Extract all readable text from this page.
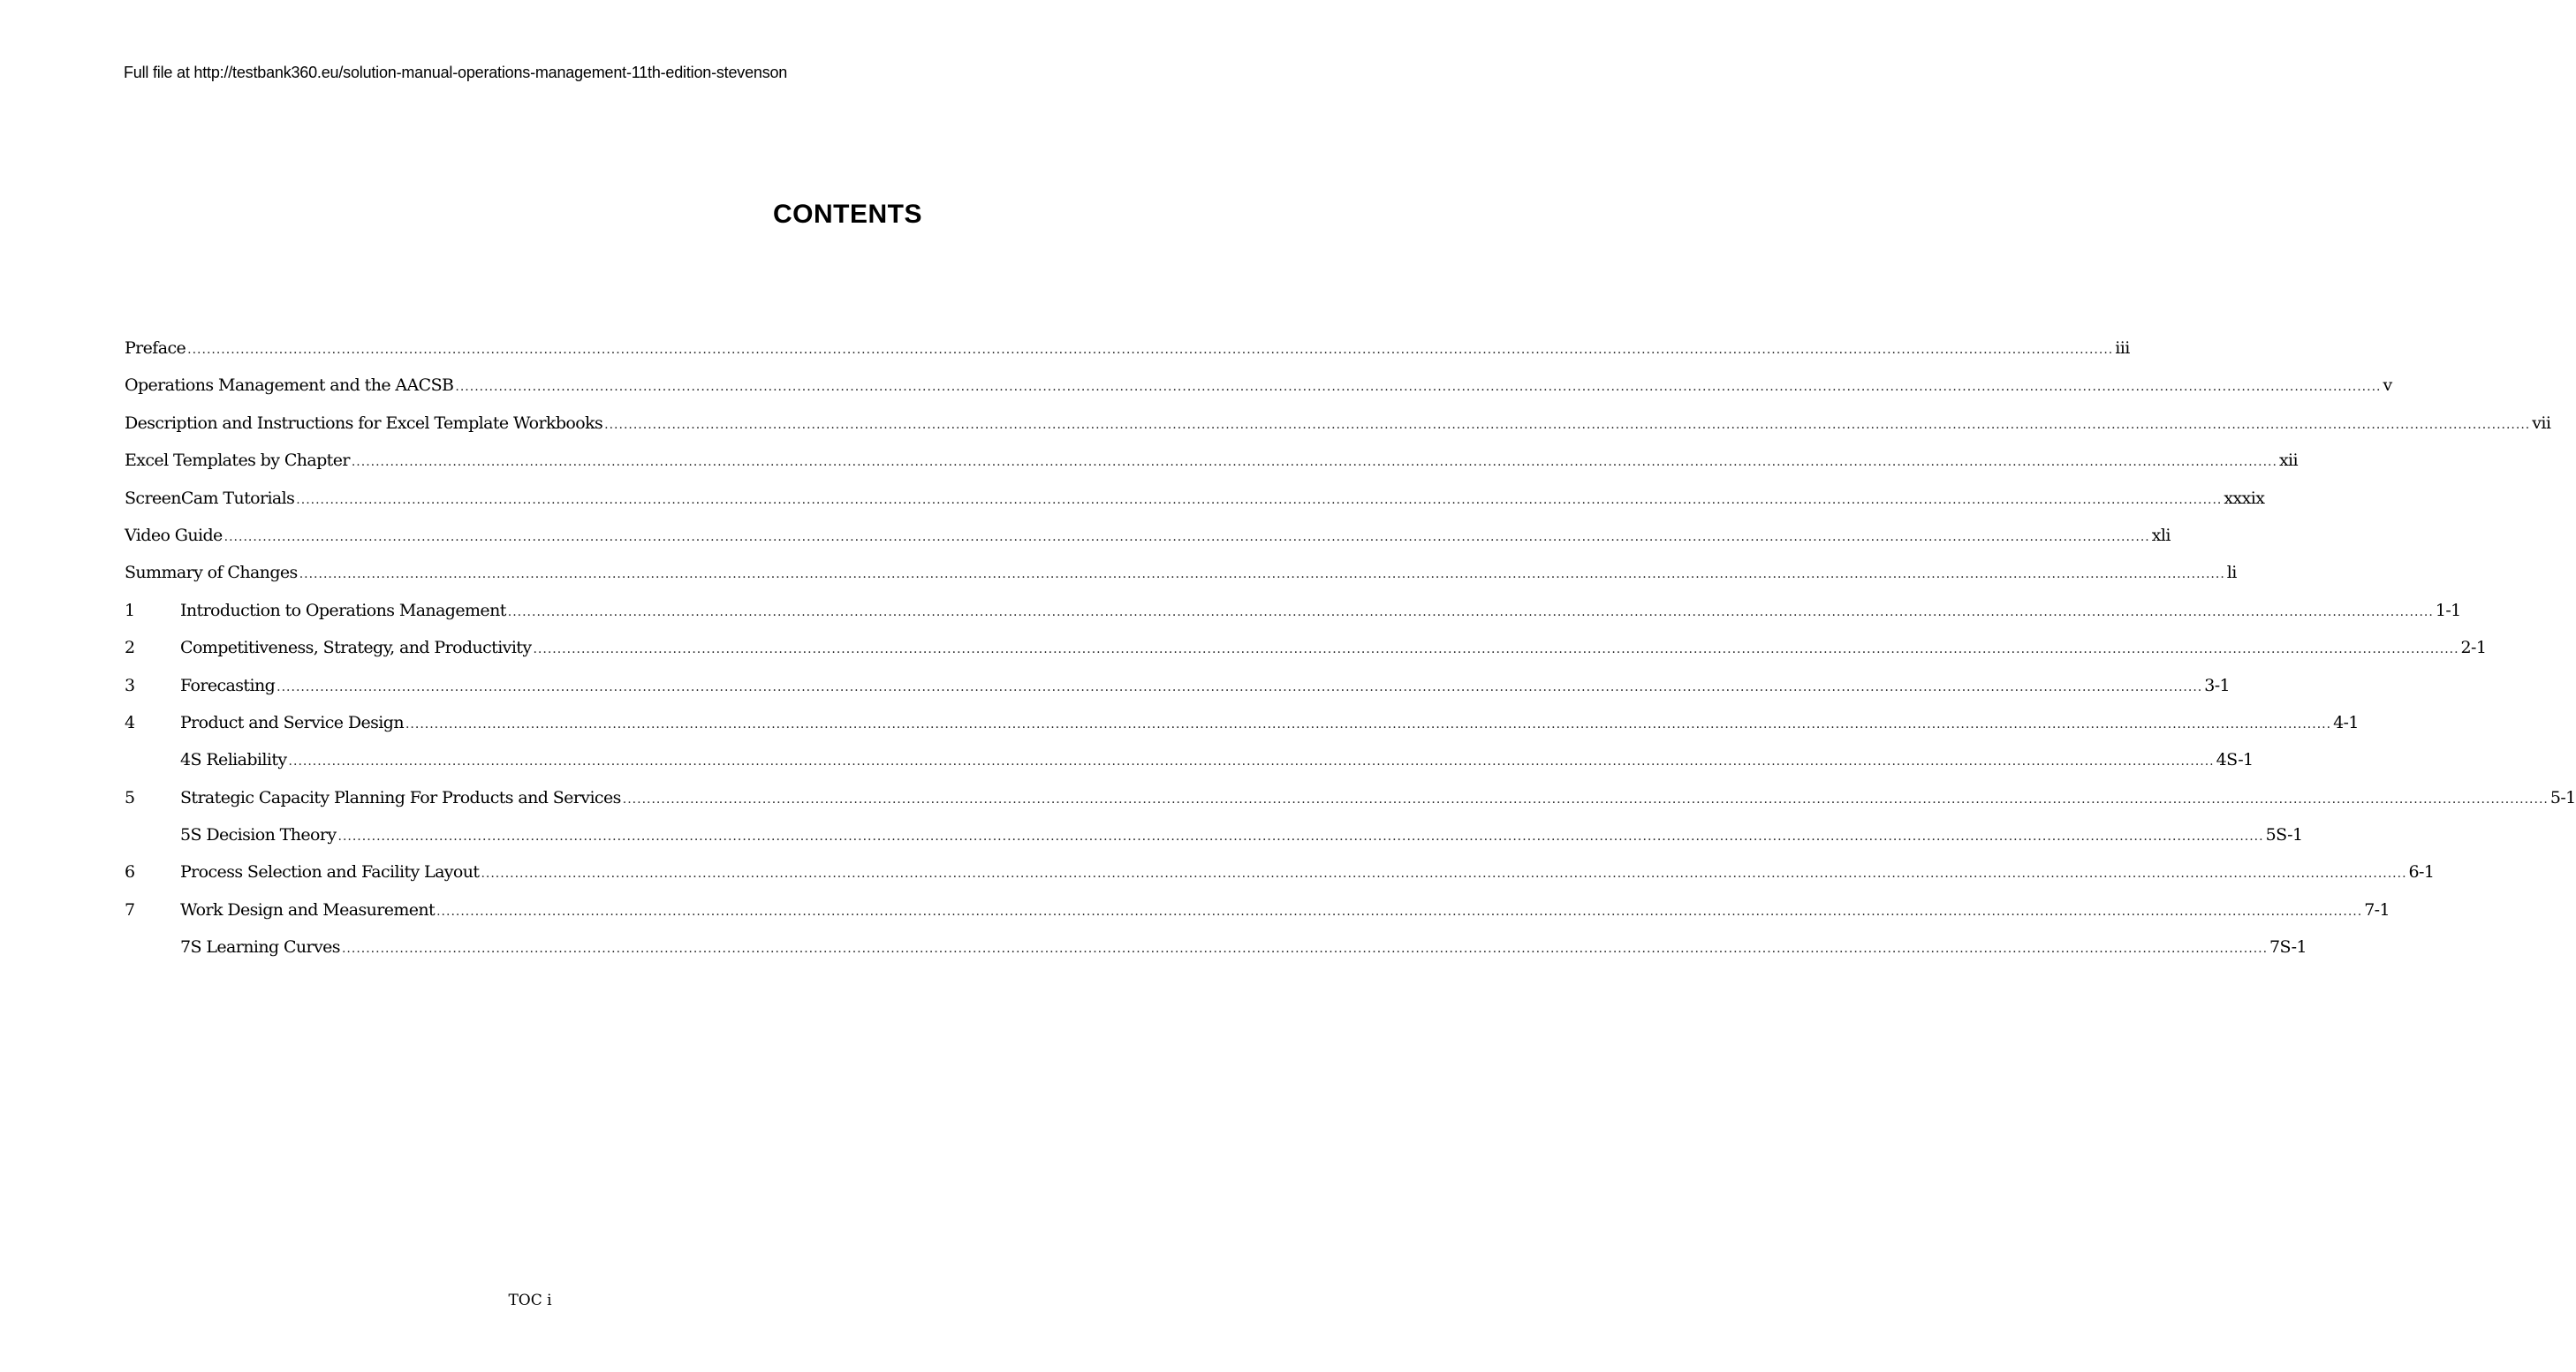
Full file at http://testbank360.eu/solution-manual-operations-management-11th-edition-stevenson
CONTENTS
Preface ................................................................................................................................................................................................................................................................................................................................................................................................................ iii
Operations Management and the AACSB ................................................................................................................................................................................................................................................................................................................................................................................................................ v
Description and Instructions for Excel Template Workbooks ................................................................................................................................................................................................................................................................................................................................................................................................................ vii
Excel Templates by Chapter ................................................................................................................................................................................................................................................................................................................................................................................................................ xii
ScreenCam Tutorials ................................................................................................................................................................................................................................................................................................................................................................................................................ xxxix
Video Guide ................................................................................................................................................................................................................................................................................................................................................................................................................ xli
Summary of Changes ................................................................................................................................................................................................................................................................................................................................................................................................................ li
1	Introduction to Operations Management ................................................................................................................................................................................................................................................................................................................................................................................................................ 1-1
2	Competitiveness, Strategy, and Productivity ................................................................................................................................................................................................................................................................................................................................................................................................................ 2-1
3	Forecasting ................................................................................................................................................................................................................................................................................................................................................................................................................ 3-1
4	Product and Service Design ................................................................................................................................................................................................................................................................................................................................................................................................................ 4-1
4S Reliability ................................................................................................................................................................................................................................................................................................................................................................................................................ 4S-1
5	Strategic Capacity Planning For Products and Services ................................................................................................................................................................................................................................................................................................................................................................................................................ 5-1
5S Decision Theory ................................................................................................................................................................................................................................................................................................................................................................................................................ 5S-1
6	Process Selection and Facility Layout ................................................................................................................................................................................................................................................................................................................................................................................................................ 6-1
7	Work Design and Measurement ................................................................................................................................................................................................................................................................................................................................................................................................................ 7-1
7S Learning Curves ................................................................................................................................................................................................................................................................................................................................................................................................................ 7S-1
TOC i
